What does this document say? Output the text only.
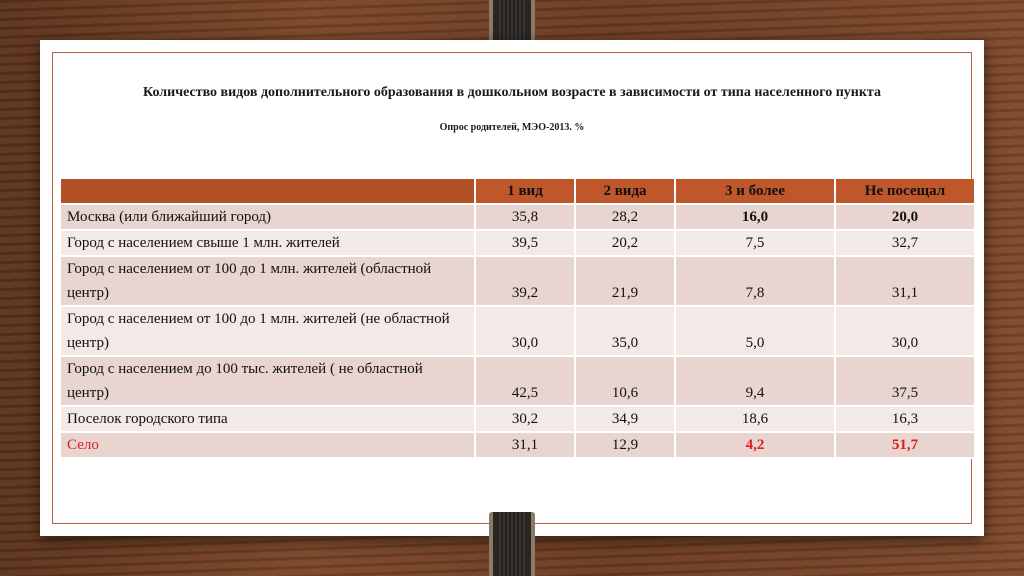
Количество видов дополнительного образования в дошкольном возрасте в зависимости от типа населенного пункта
Опрос родителей, МЭО-2013. %
	1 вид	2 вида	3 и более	Не посещал
Москва (или ближайший город)	35,8	28,2	16,0	20,0
Город с населением свыше 1 млн. жителей	39,5	20,2	7,5	32,7
Город с населением от 100 до 1 млн. жителей (областной центр)	39,2	21,9	7,8	31,1
Город с населением от 100 до 1 млн. жителей (не областной центр)	30,0	35,0	5,0	30,0
Город с населением до 100 тыс. жителей ( не областной центр)	42,5	10,6	9,4	37,5
Поселок городского типа	30,2	34,9	18,6	16,3
Село	31,1	12,9	4,2	51,7
